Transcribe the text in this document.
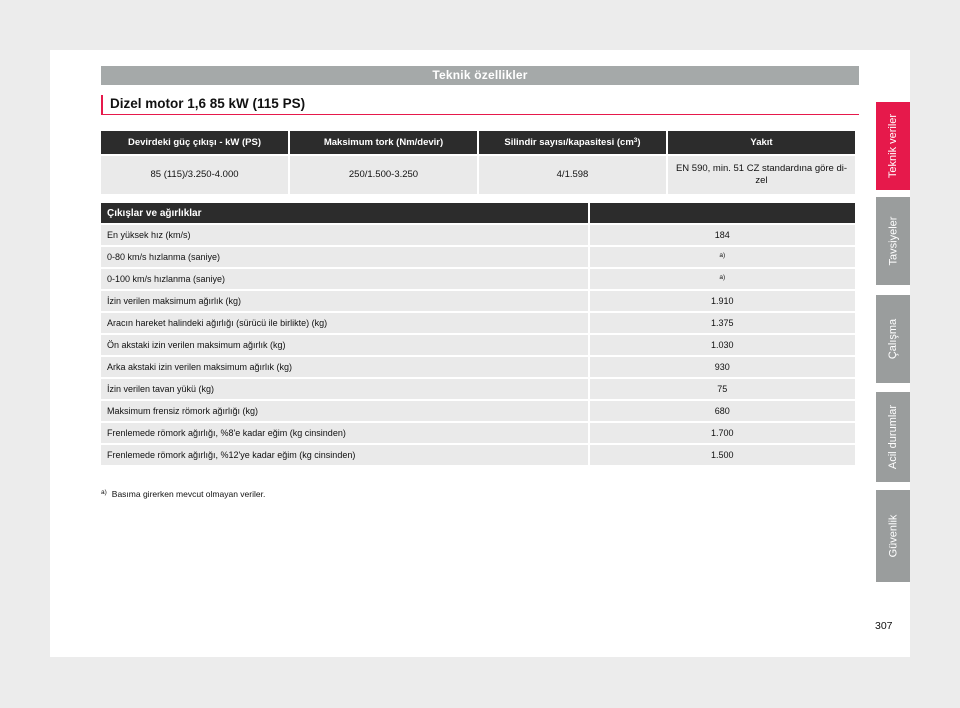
Teknik özellikler
Dizel motor 1,6 85 kW (115 PS)
Devirdeki güç çıkışı - kW (PS)	Maksimum tork (Nm/devir)	Silindir sayısı/kapasitesi $(cm^3)$	Yakıt
85 (115)/3.250-4.000	250/1.500-3.250	4/1.598	EN 590, min. 51 CZ standardına göre di-zel
Çıkışlar ve ağırlıklar	
En yüksek hız (km/s)	184
0-80 km/s hızlanma (saniye)	$^{a)}$
0-100 km/s hızlanma (saniye)	$^{a)}$
İzin verilen maksimum ağırlık (kg)	1.910
Aracın hareket halindeki ağırlığı (sürücü ile birlikte) (kg)	1.375
Ön akstaki izin verilen maksimum ağırlık (kg)	1.030
Arka akstaki izin verilen maksimum ağırlık (kg)	930
İzin verilen tavan yükü (kg)	75
Maksimum frensiz römork ağırlığı (kg)	680
Frenlemede römork ağırlığı, %8'e kadar eğim (kg cinsinden)	1.700
Frenlemede römork ağırlığı, %12'ye kadar eğim (kg cinsinden)	1.500
$^{a)}$ Basıma girerken mevcut olmayan veriler.
Teknik veriler
Tavsiyeler
Çalışma
Acil durumlar
Güvenlik
307
